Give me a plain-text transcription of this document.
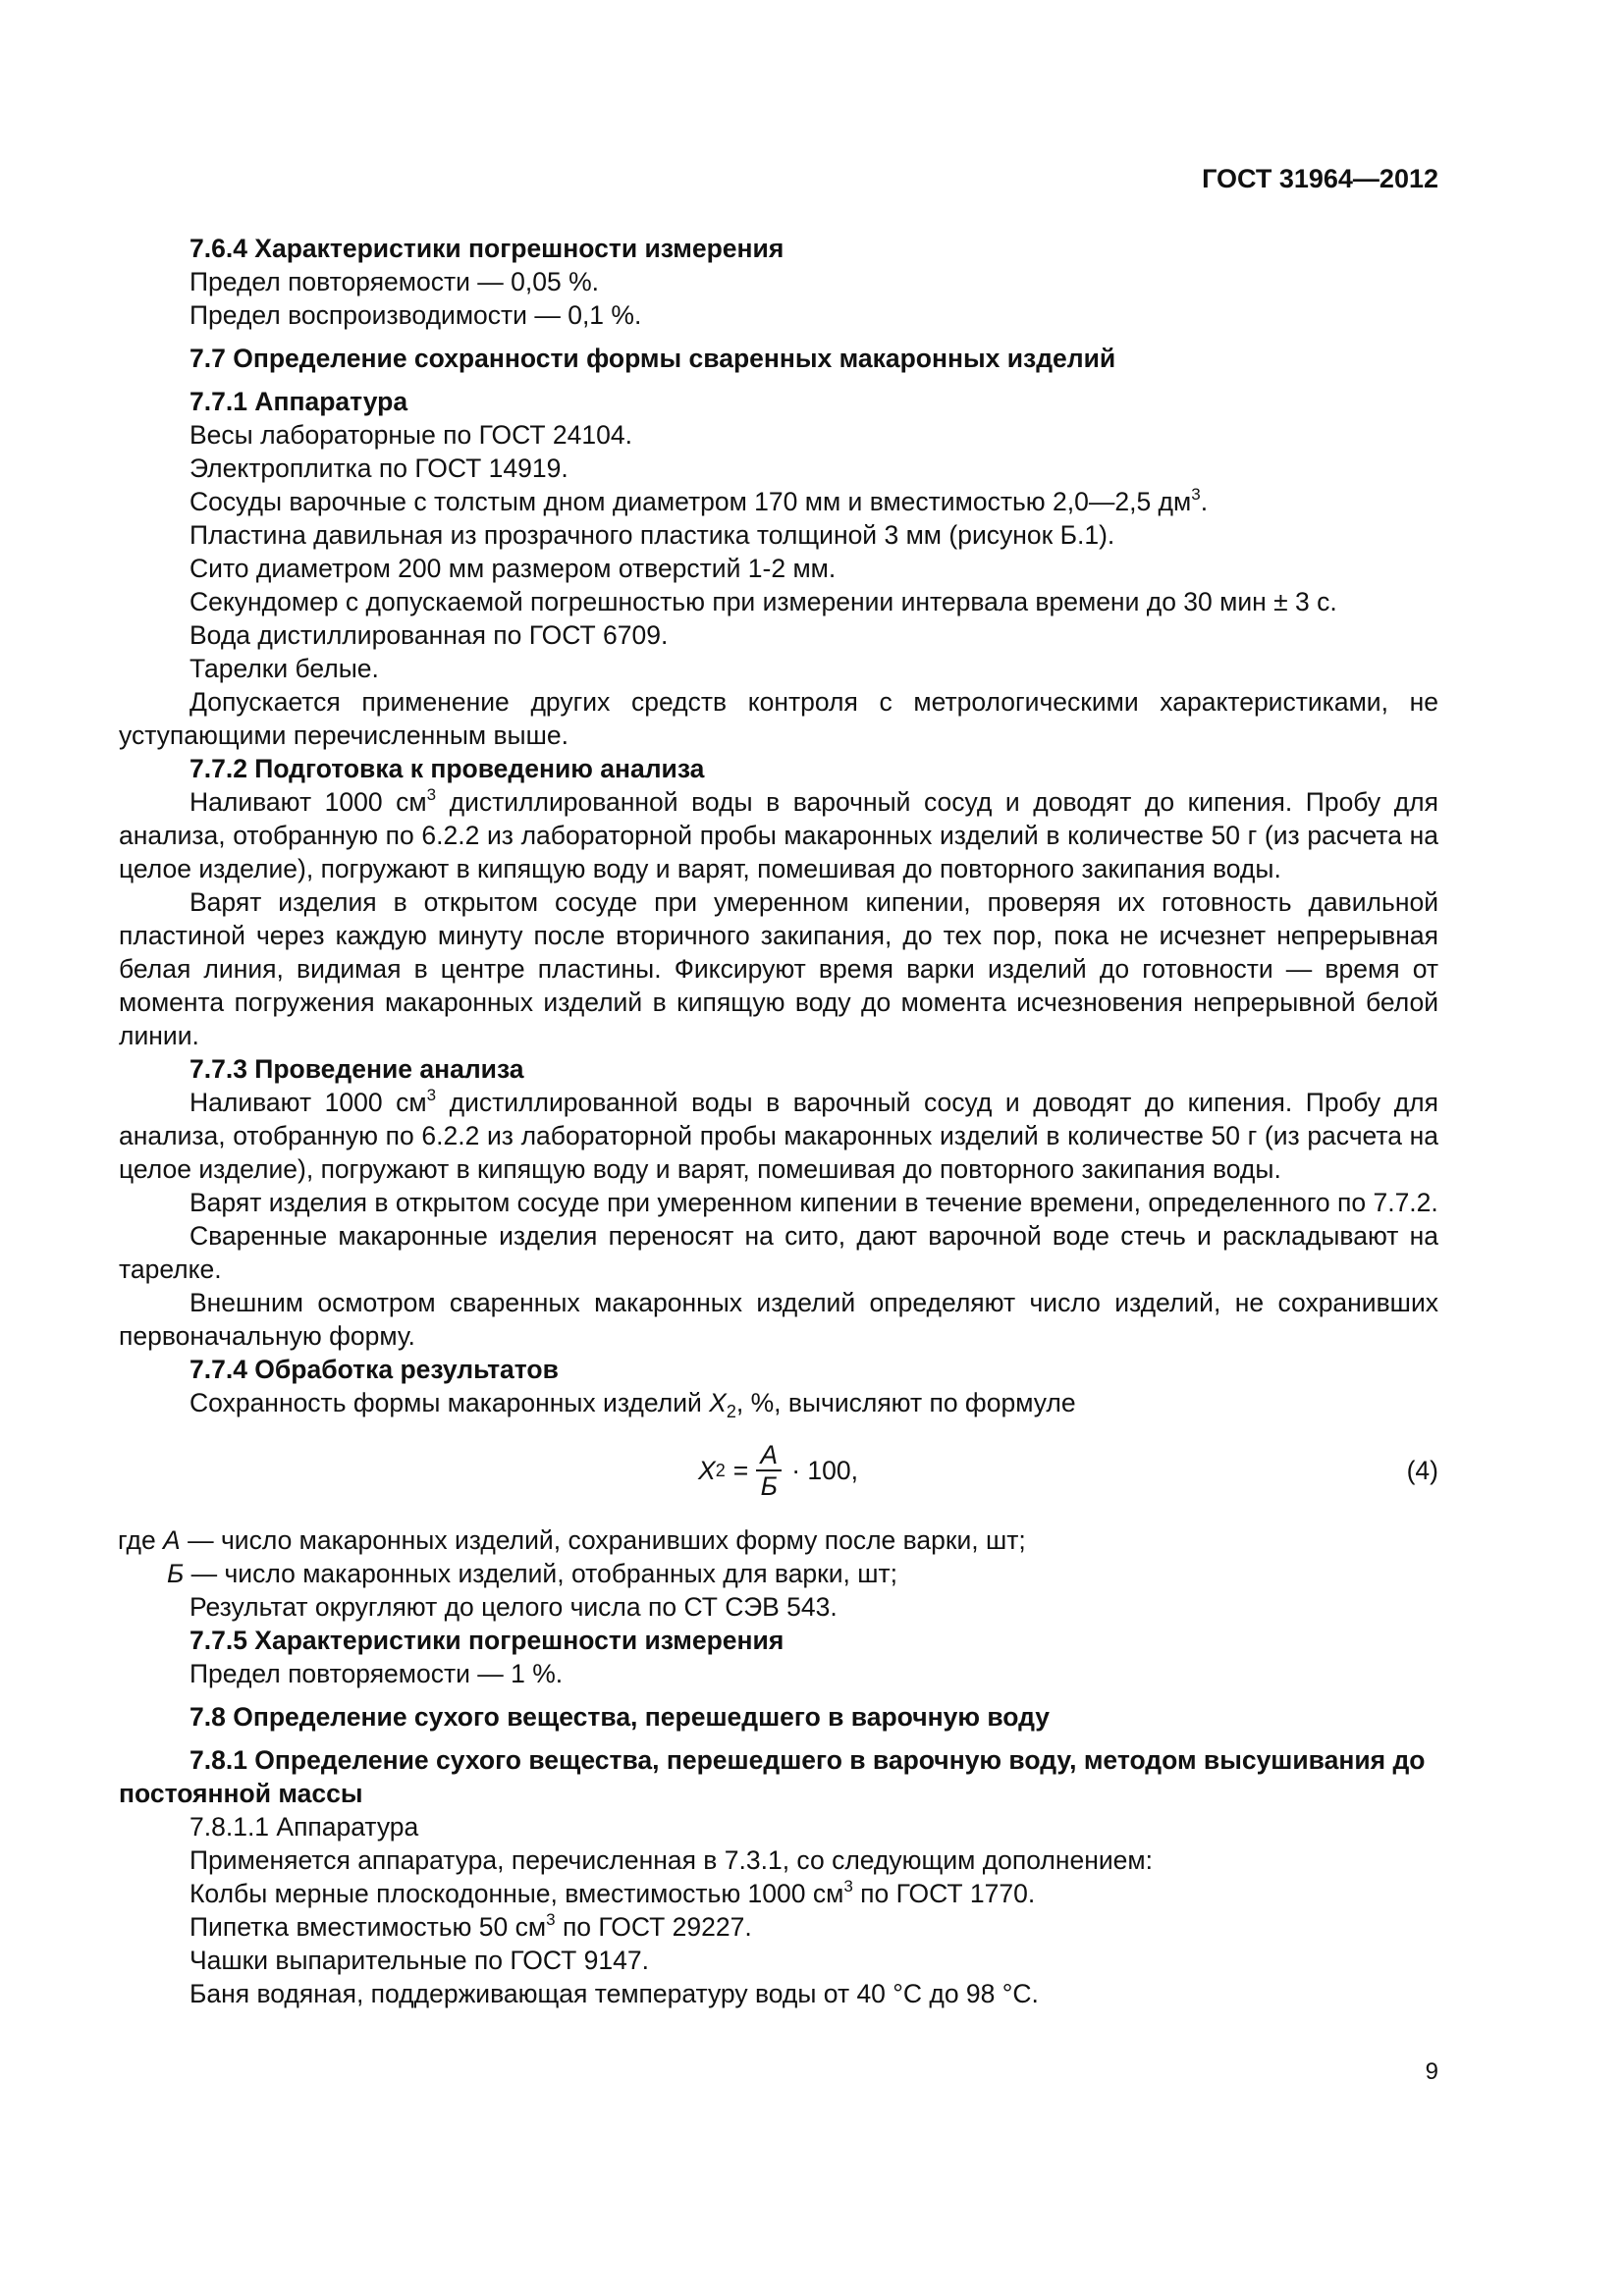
ГОСТ 31964—2012

7.6.4 Характеристики погрешности измерения

Предел повторяемости — 0,05 %.

Предел воспроизводимости — 0,1 %.

7.7 Определение сохранности формы сваренных макаронных изделий

7.7.1 Аппаратура

Весы лабораторные по ГОСТ 24104.

Электроплитка по ГОСТ 14919.

Сосуды варочные с толстым дном диаметром 170 мм и вместимостью 2,0—2,5 $дм^3$.

Пластина давильная из прозрачного пластика толщиной 3 мм (рисунок Б.1).

Сито диаметром 200 мм размером отверстий 1-2 мм.

Секундомер с допускаемой погрешностью при измерении интервала времени до 30 мин ± 3 с.

Вода дистиллированная по ГОСТ 6709.

Тарелки белые.

Допускается применение других средств контроля с метрологическими характеристиками, не уступающими перечисленным выше.

7.7.2 Подготовка к проведению анализа

Наливают 1000 $см^3$ дистиллированной воды в варочный сосуд и доводят до кипения. Пробу для анализа, отобранную по 6.2.2 из лабораторной пробы макаронных изделий в количестве 50 г (из расчета на целое изделие), погружают в кипящую воду и варят, помешивая до повторного закипания воды.

Варят изделия в открытом сосуде при умеренном кипении, проверяя их готовность давильной пластиной через каждую минуту после вторичного закипания, до тех пор, пока не исчезнет непрерывная белая линия, видимая в центре пластины. Фиксируют время варки изделий до готовности — время от момента погружения макаронных изделий в кипящую воду до момента исчезновения непрерывной белой линии.

7.7.3 Проведение анализа

Наливают 1000 $см^3$ дистиллированной воды в варочный сосуд и доводят до кипения. Пробу для анализа, отобранную по 6.2.2 из лабораторной пробы макаронных изделий в количестве 50 г (из расчета на целое изделие), погружают в кипящую воду и варят, помешивая до повторного закипания воды.

Варят изделия в открытом сосуде при умеренном кипении в течение времени, определенного по 7.7.2.

Сваренные макаронные изделия переносят на сито, дают варочной воде стечь и раскладывают на тарелке.

Внешним осмотром сваренных макаронных изделий определяют число изделий, не сохранивших первоначальную форму.

7.7.4 Обработка результатов

Сохранность формы макаронных изделий $X_2$, %, вычисляют по формуле

X $2 = \frac{А}{Б} \cdot 100$,	(4)

где А — число макаронных изделий, сохранивших форму после варки, шт;

Б — число макаронных изделий, отобранных для варки, шт;

Результат округляют до целого числа по СТ СЭВ 543.

7.7.5 Характеристики погрешности измерения

Предел повторяемости — 1 %.

7.8 Определение сухого вещества, перешедшего в варочную воду

7.8.1 Определение сухого вещества, перешедшего в варочную воду, методом высушивания до постоянной массы

7.8.1.1 Аппаратура

Применяется аппаратура, перечисленная в 7.3.1, со следующим дополнением:

Колбы мерные плоскодонные, вместимостью 1000 $см^3$ по ГОСТ 1770.

Пипетка вместимостью 50 $см^3$ по ГОСТ 29227.

Чашки выпарительные по ГОСТ 9147.

Баня водяная, поддерживающая температуру воды от 40 °С до 98 °С.

9
